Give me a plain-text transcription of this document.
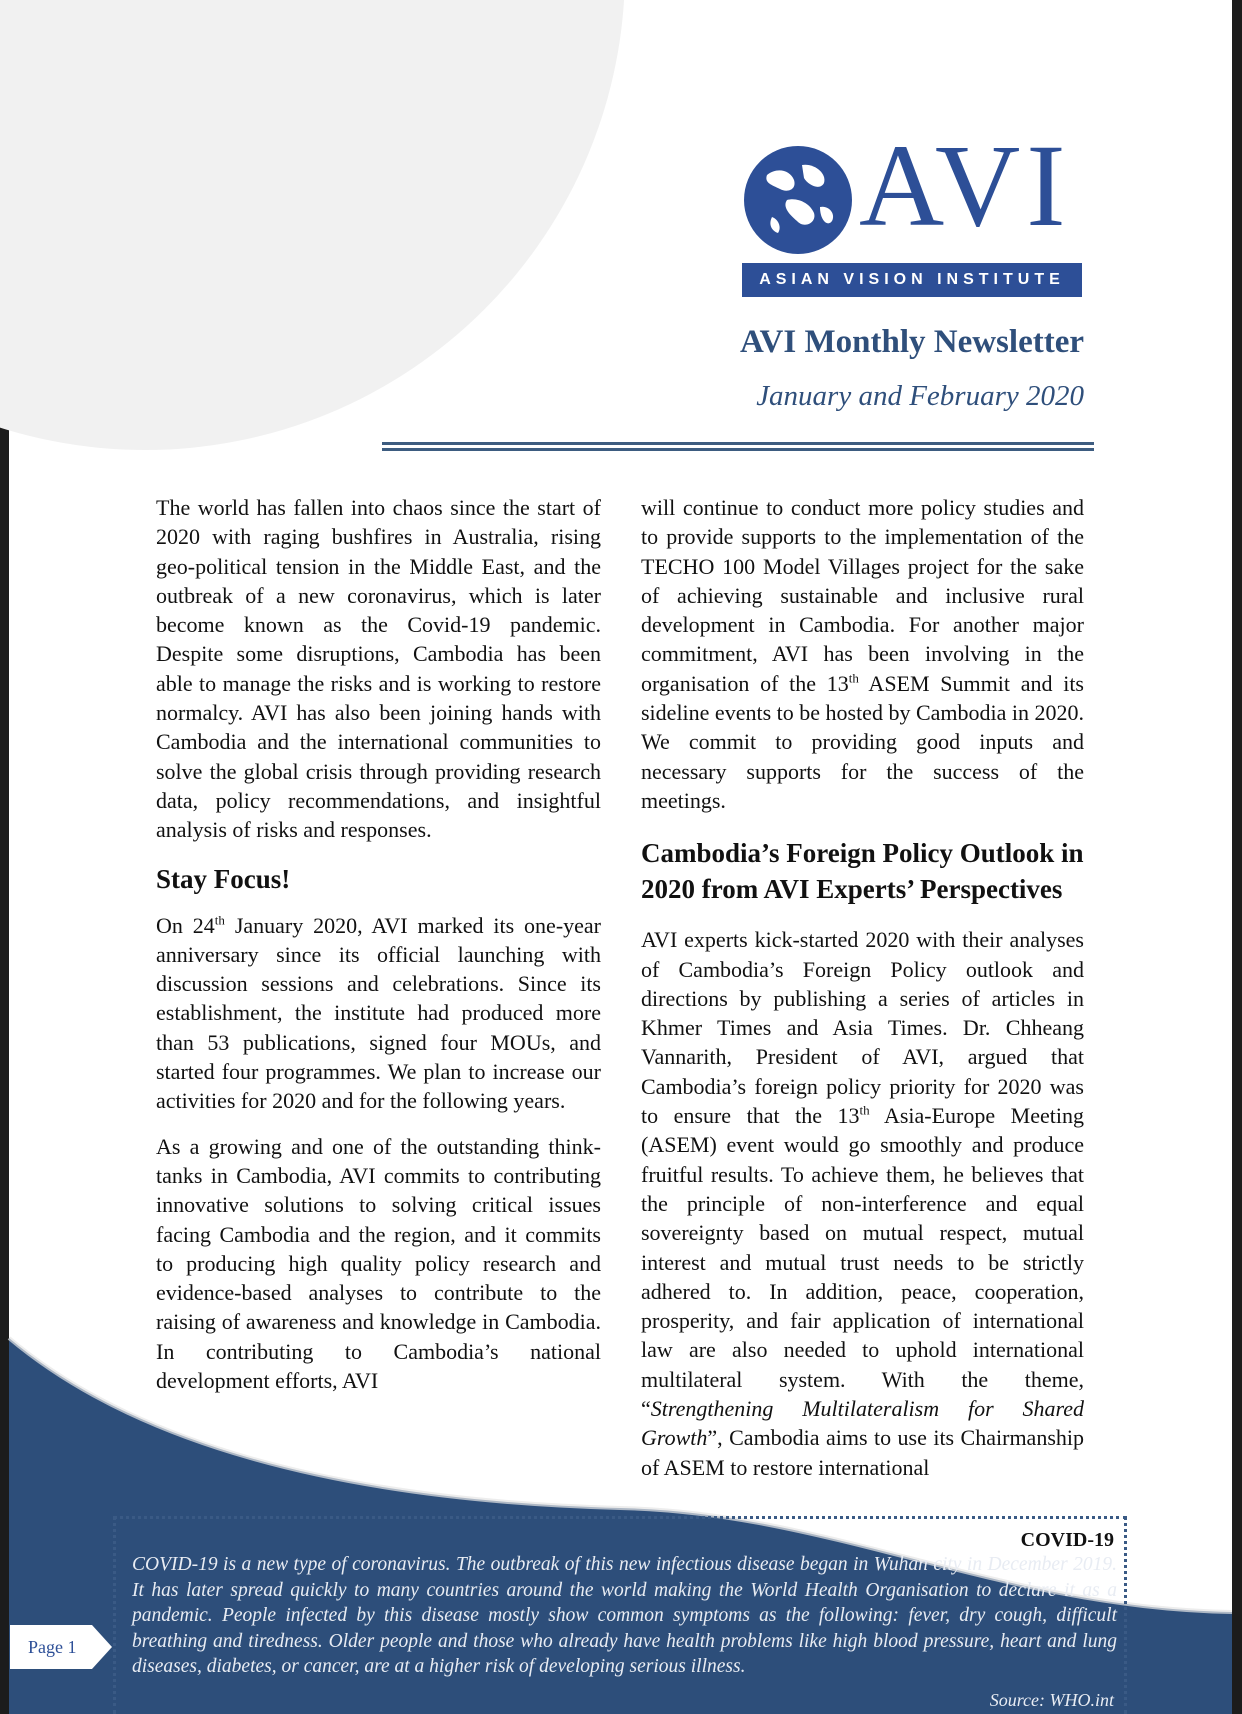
AVI
ASIAN VISION INSTITUTE
AVI Monthly Newsletter
January and February 2020

The world has fallen into chaos since the start of 2020 with raging bushfires in Australia, rising geo-political tension in the Middle East, and the outbreak of a new coronavirus, which is later become known as the Covid-19 pandemic. Despite some disruptions, Cambodia has been able to manage the risks and is working to restore normalcy. AVI has also been joining hands with Cambodia and the international communities to solve the global crisis through providing research data, policy recommendations, and insightful analysis of risks and responses.

Stay Focus!

On 24th January 2020, AVI marked its one-year anniversary since its official launching with discussion sessions and celebrations. Since its establishment, the institute had produced more than 53 publications, signed four MOUs, and started four programmes. We plan to increase our activities for 2020 and for the following years.

As a growing and one of the outstanding think-tanks in Cambodia, AVI commits to contributing innovative solutions to solving critical issues facing Cambodia and the region, and it commits to producing high quality policy research and evidence-based analyses to contribute to the raising of awareness and knowledge in Cambodia. In contributing to Cambodia’s national development efforts, AVI

will continue to conduct more policy studies and to provide supports to the implementation of the TECHO 100 Model Villages project for the sake of achieving sustainable and inclusive rural development in Cambodia. For another major commitment, AVI has been involving in the organisation of the 13th ASEM Summit and its sideline events to be hosted by Cambodia in 2020. We commit to providing good inputs and necessary supports for the success of the meetings.

Cambodia’s Foreign Policy Outlook in 2020 from AVI Experts’ Perspectives

AVI experts kick-started 2020 with their analyses of Cambodia’s Foreign Policy outlook and directions by publishing a series of articles in Khmer Times and Asia Times. Dr. Chheang Vannarith, President of AVI, argued that Cambodia’s foreign policy priority for 2020 was to ensure that the 13th Asia-Europe Meeting (ASEM) event would go smoothly and produce fruitful results. To achieve them, he believes that the principle of non-interference and equal sovereignty based on mutual respect, mutual interest and mutual trust needs to be strictly adhered to. In addition, peace, cooperation, prosperity, and fair application of international law are also needed to uphold international multilateral system. With the theme, “Strengthening Multilateralism for Shared Growth”, Cambodia aims to use its Chairmanship of ASEM to restore international

COVID-19
COVID-19 is a new type of coronavirus. The outbreak of this new infectious disease began in Wuhan city in December 2019. It has later spread quickly to many countries around the world making the World Health Organisation to declare it as a pandemic. People infected by this disease mostly show common symptoms as the following: fever, dry cough, difficult breathing and tiredness. Older people and those who already have health problems like high blood pressure, heart and lung diseases, diabetes, or cancer, are at a higher risk of developing serious illness.
Source: WHO.int
Page 1
